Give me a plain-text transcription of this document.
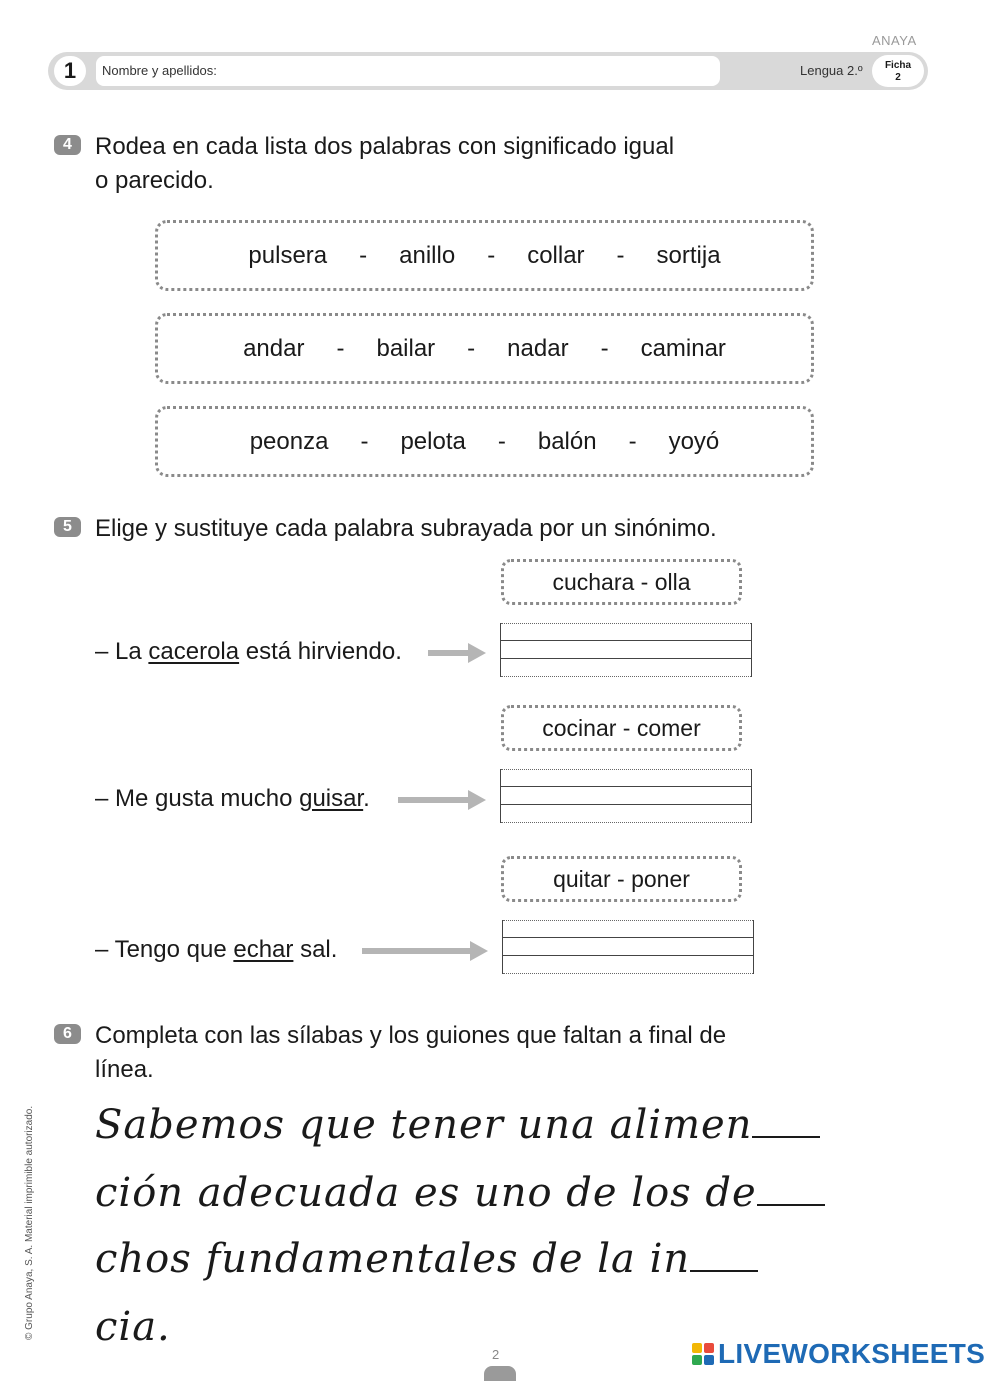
ANAYA
1	Nombre y apellidos:	Lengua 2.º	Ficha
2
4 Rodea en cada lista dos palabras con significado igual
o parecido.
pulsera - anillo - collar - sortija
andar - bailar - nadar - caminar
peonza - pelota - balón - yoyó
5 Elige y sustituye cada palabra subrayada por un sinónimo.
cuchara - olla
– La cacerola está hirviendo.
cocinar - comer
– Me gusta mucho guisar.
quitar - poner
– Tengo que echar sal.
6 Completa con las sílabas y los guiones que faltan a final de
línea.
Sabemos que tener una alimen
ción adecuada es uno de los de
chos fundamentales de la in
cia.
© Grupo Anaya, S. A. Material imprimible autorizado.
2	LIVEWORKSHEETS
